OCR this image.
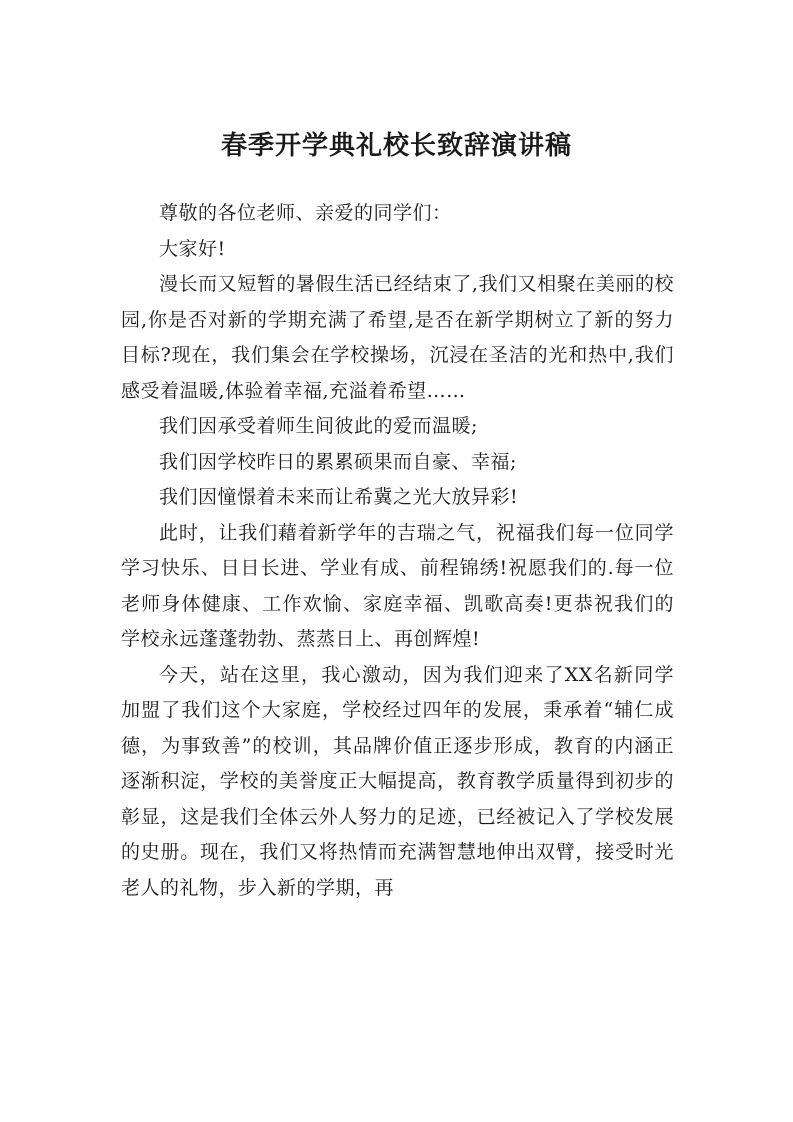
春季开学典礼校长致辞演讲稿

尊敬的各位老师、亲爱的同学们：

大家好!

漫长而又短暂的暑假生活已经结束了,我们又相聚在美丽的校园,你是否对新的学期充满了希望,是否在新学期树立了新的努力目标?现在，我们集会在学校操场，沉浸在圣洁的光和热中,我们感受着温暖,体验着幸福,充溢着希望……

我们因承受着师生间彼此的爱而温暖;

我们因学校昨日的累累硕果而自豪、幸福;

我们因憧憬着未来而让希冀之光大放异彩!

此时，让我们藉着新学年的吉瑞之气，祝福我们每一位同学学习快乐、日日长进、学业有成、前程锦绣!祝愿我们的.每一位老师身体健康、工作欢愉、家庭幸福、凯歌高奏!更恭祝我们的学校永远蓬蓬勃勃、蒸蒸日上、再创辉煌!

今天，站在这里，我心激动，因为我们迎来了XX名新同学加盟了我们这个大家庭，学校经过四年的发展，秉承着“辅仁成德，为事致善”的校训，其品牌价值正逐步形成，教育的内涵正逐渐积淀，学校的美誉度正大幅提高，教育教学质量得到初步的彰显，这是我们全体云外人努力的足迹，已经被记入了学校发展的史册。现在，我们又将热情而充满智慧地伸出双臂，接受时光老人的礼物，步入新的学期，再
